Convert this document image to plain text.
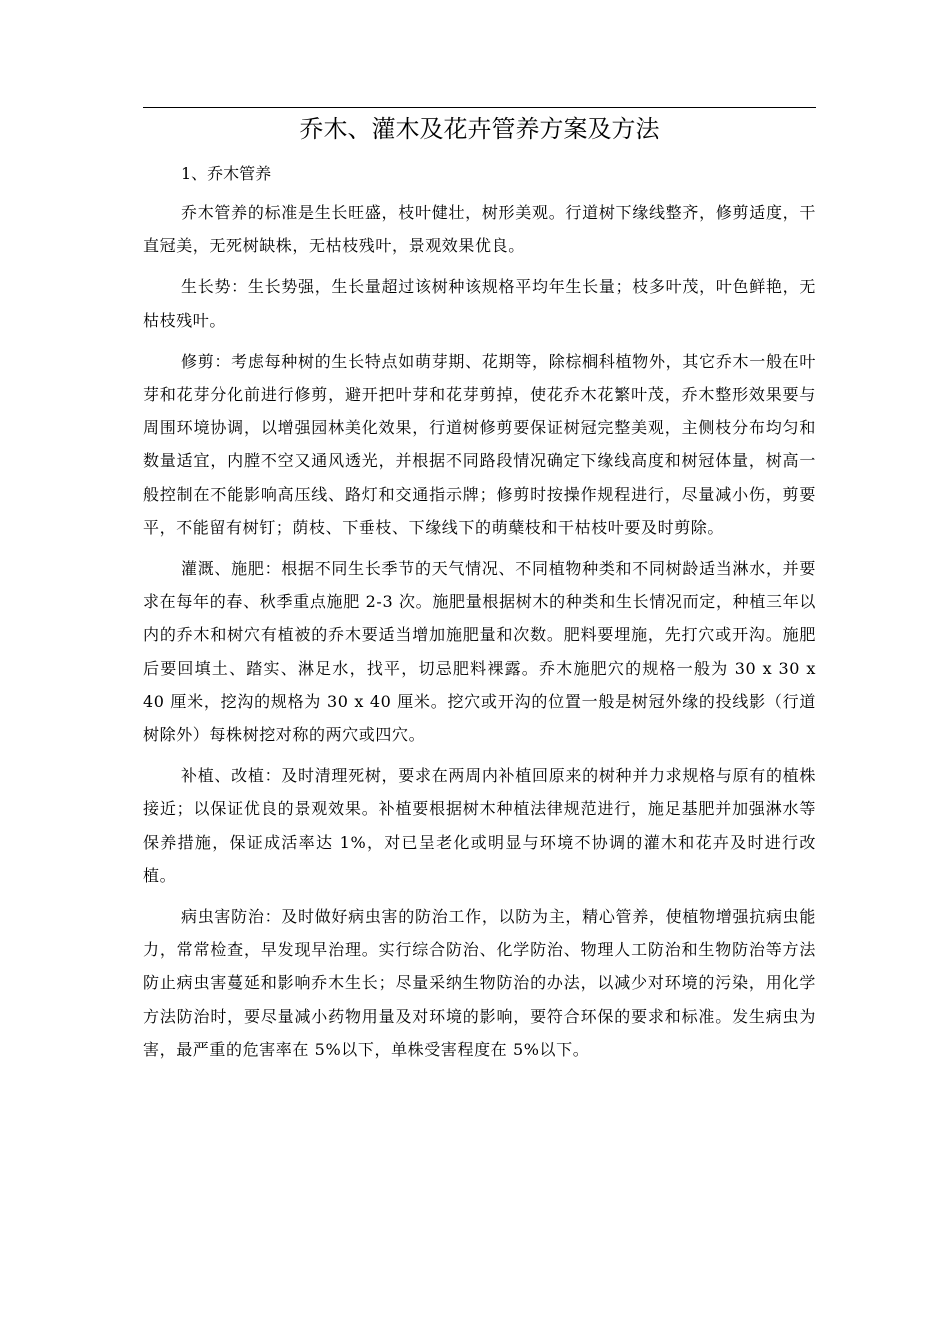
乔木、灌木及花卉管养方案及方法

1、乔木管养

乔木管养的标准是生长旺盛，枝叶健壮，树形美观。行道树下缘线整齐，修剪适度，干直冠美，无死树缺株，无枯枝残叶，景观效果优良。

生长势：生长势强，生长量超过该树种该规格平均年生长量；枝多叶茂，叶色鲜艳，无枯枝残叶。

修剪：考虑每种树的生长特点如萌芽期、花期等，除棕榈科植物外，其它乔木一般在叶芽和花芽分化前进行修剪，避开把叶芽和花芽剪掉，使花乔木花繁叶茂，乔木整形效果要与周围环境协调，以增强园林美化效果，行道树修剪要保证树冠完整美观，主侧枝分布均匀和数量适宜，内膛不空又通风透光，并根据不同路段情况确定下缘线高度和树冠体量，树高一般控制在不能影响高压线、路灯和交通指示牌；修剪时按操作规程进行，尽量减小伤，剪要平，不能留有树钉；荫枝、下垂枝、下缘线下的萌蘖枝和干枯枝叶要及时剪除。

灌溉、施肥：根据不同生长季节的天气情况、不同植物种类和不同树龄适当淋水，并要求在每年的春、秋季重点施肥 2-3 次。施肥量根据树木的种类和生长情况而定，种植三年以内的乔木和树穴有植被的乔木要适当增加施肥量和次数。肥料要埋施，先打穴或开沟。施肥后要回填土、踏实、淋足水，找平，切忌肥料裸露。乔木施肥穴的规格一般为 30 x 30 x 40 厘米，挖沟的规格为 30 x 40 厘米。挖穴或开沟的位置一般是树冠外缘的投线影（行道树除外）每株树挖对称的两穴或四穴。

补植、改植：及时清理死树，要求在两周内补植回原来的树种并力求规格与原有的植株接近；以保证优良的景观效果。补植要根据树木种植法律规范进行，施足基肥并加强淋水等保养措施，保证成活率达 1%，对已呈老化或明显与环境不协调的灌木和花卉及时进行改植。

病虫害防治：及时做好病虫害的防治工作，以防为主，精心管养，使植物增强抗病虫能力，常常检查，早发现早治理。实行综合防治、化学防治、物理人工防治和生物防治等方法防止病虫害蔓延和影响乔木生长；尽量采纳生物防治的办法，以减少对环境的污染，用化学方法防治时，要尽量减小药物用量及对环境的影响，要符合环保的要求和标准。发生病虫为害，最严重的危害率在 5%以下，单株受害程度在 5%以下。
